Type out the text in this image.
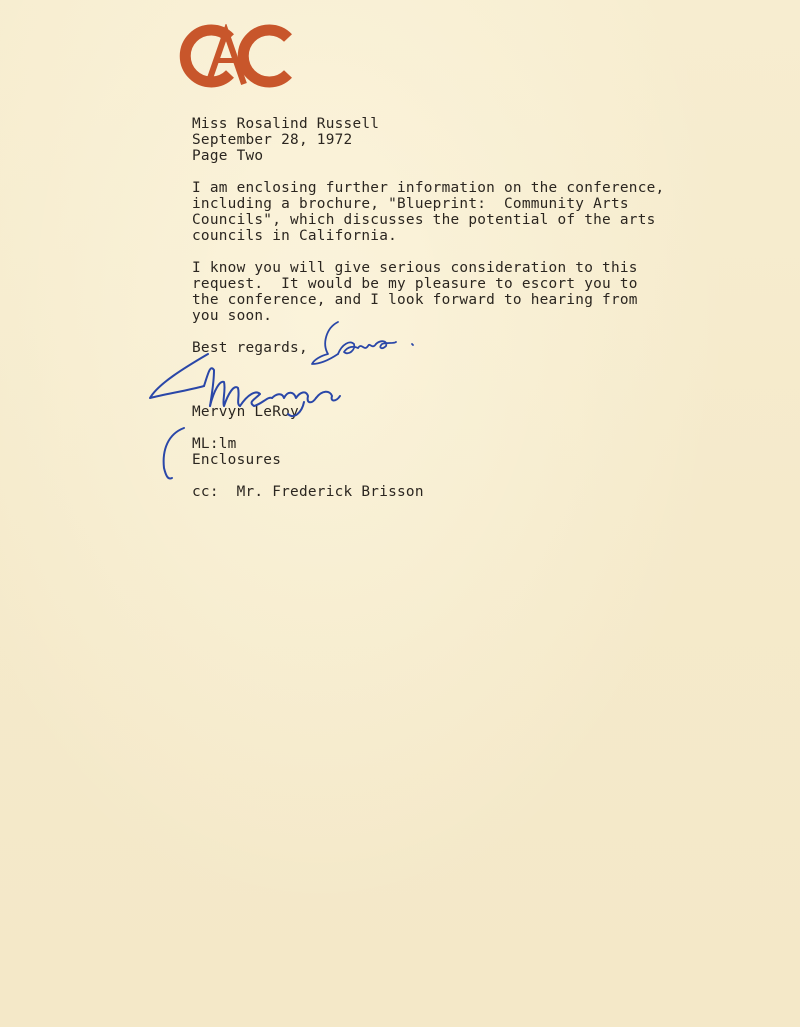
Miss Rosalind Russell
September 28, 1972
Page Two
I am enclosing further information on the conference,
including a brochure, "Blueprint:  Community Arts
Councils", which discusses the potential of the arts
councils in California.
I know you will give serious consideration to this
request.  It would be my pleasure to escort you to
the conference, and I look forward to hearing from
you soon.
Best regards,
Mervyn LeRoy
ML:lm
Enclosures
cc:  Mr. Frederick Brisson
